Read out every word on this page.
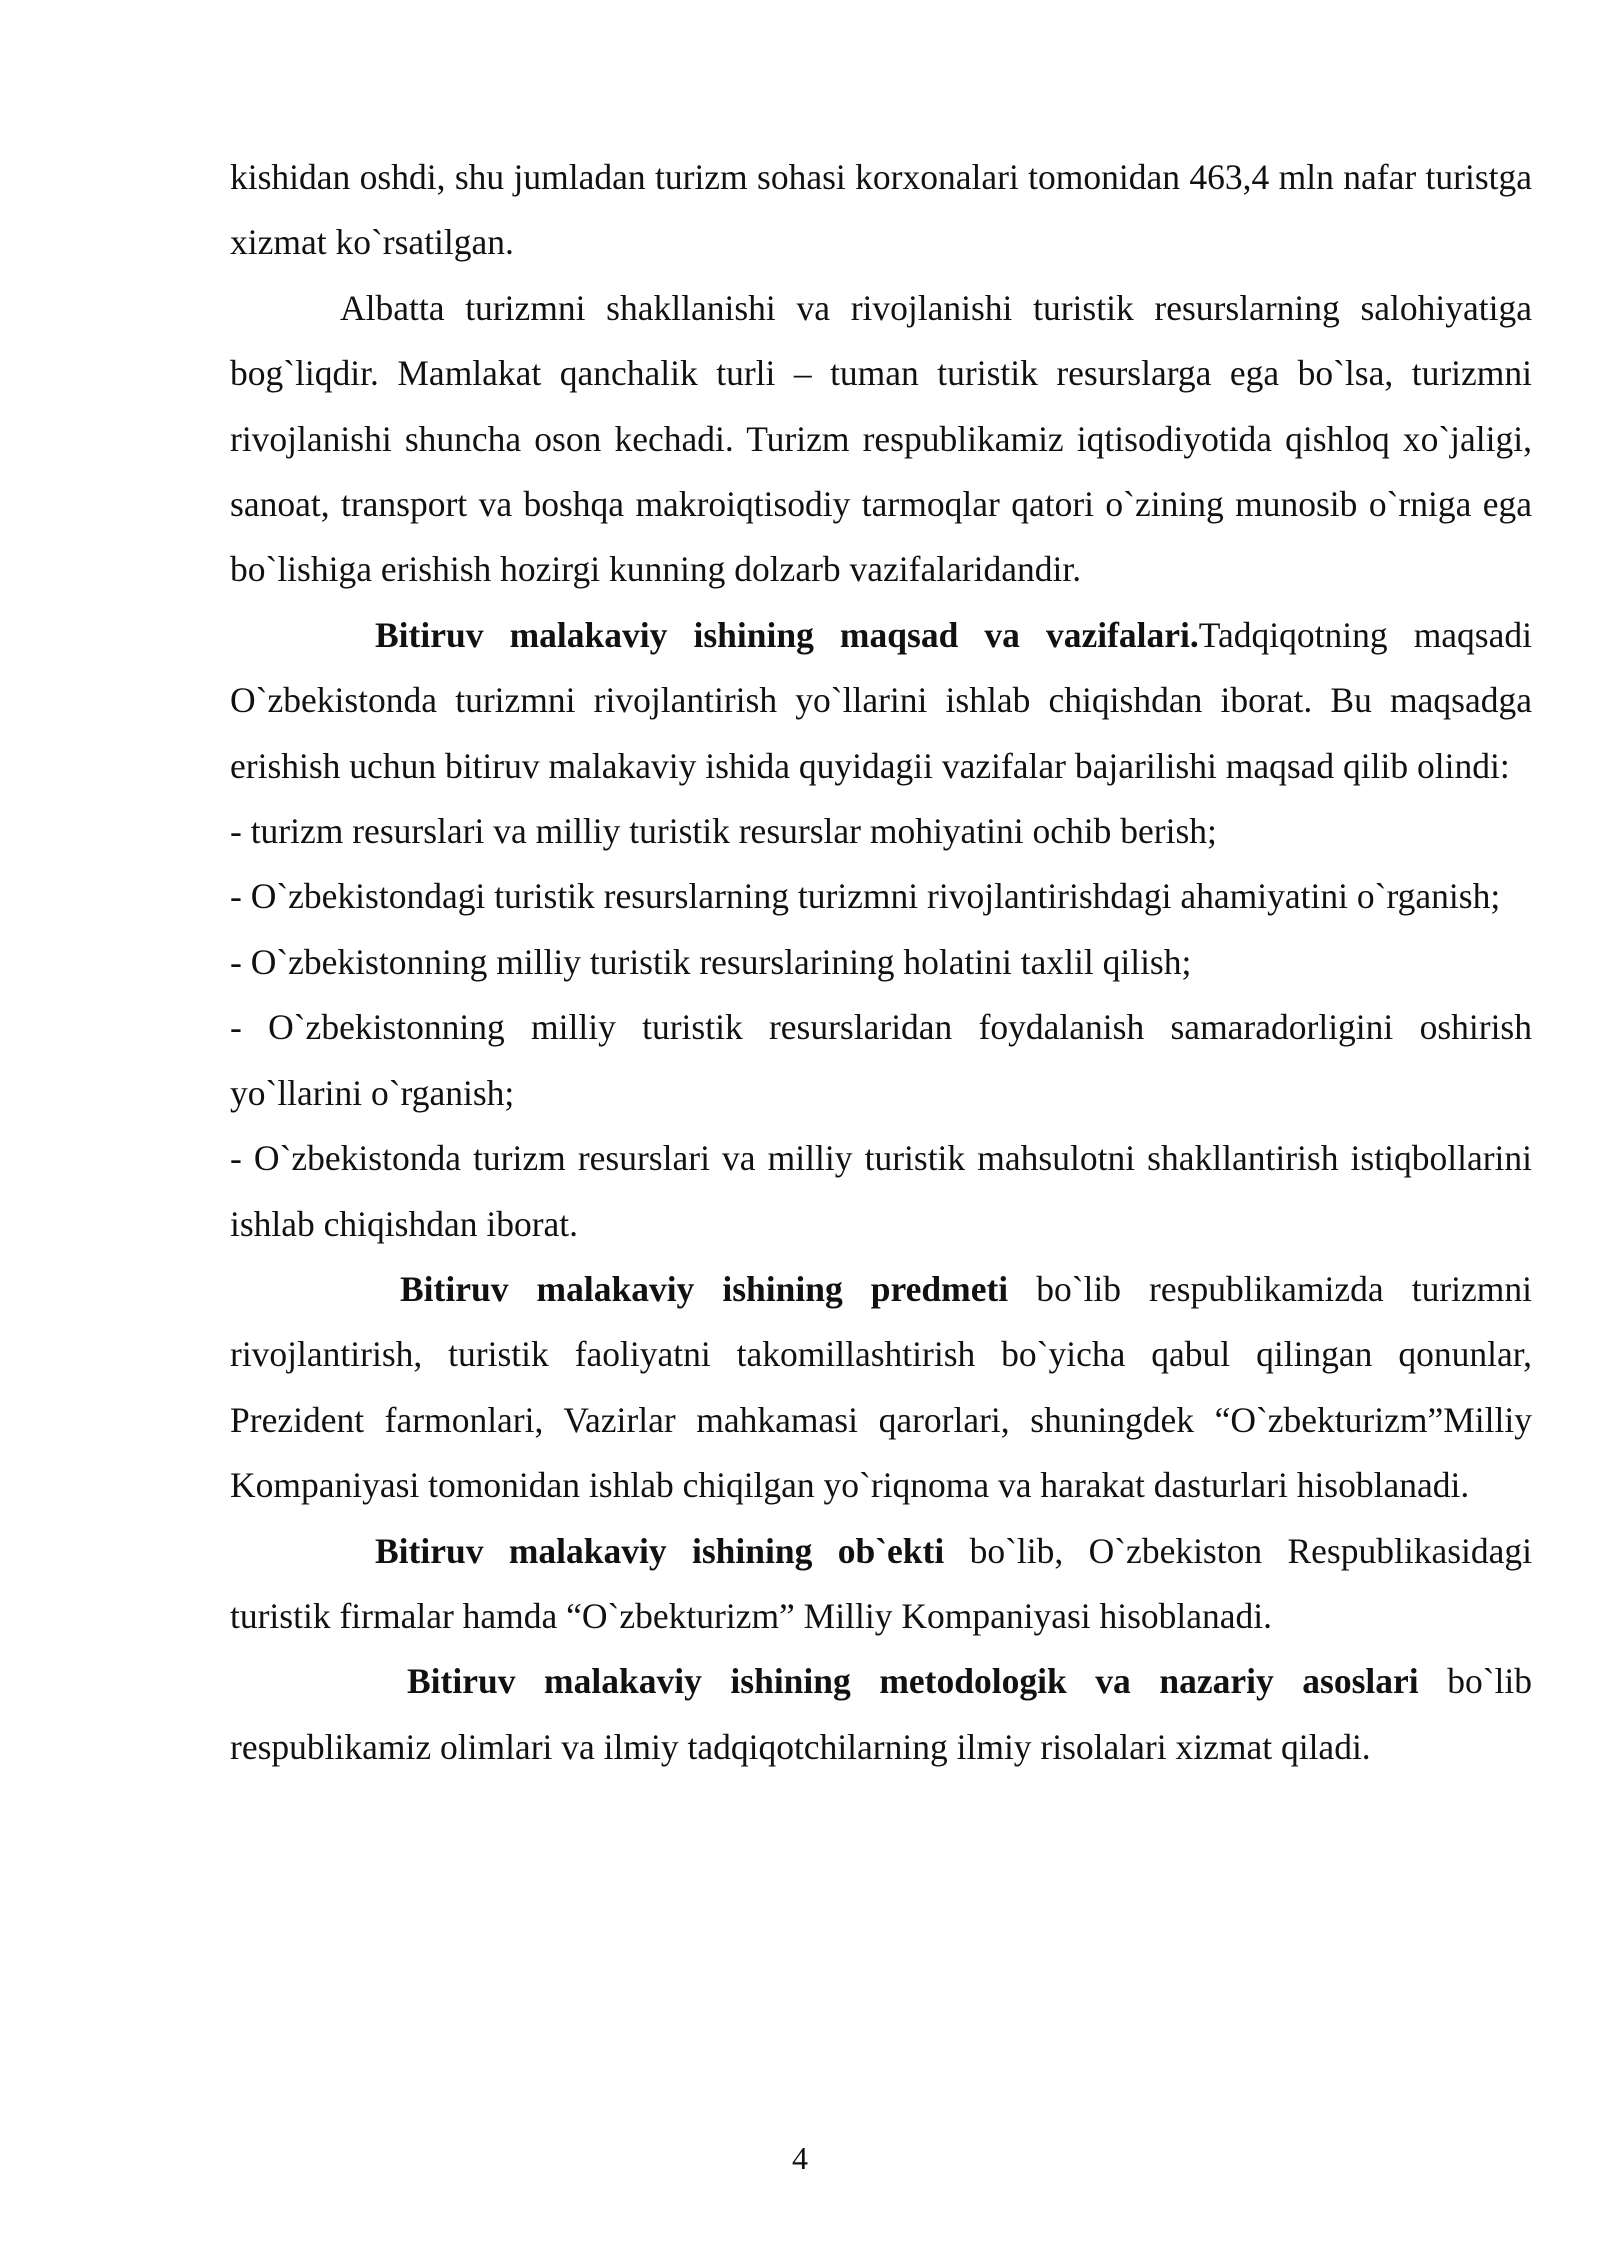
kishidan oshdi, shu jumladan turizm sohasi korxonalari tomonidan 463,4 mln nafar turistga xizmat ko`rsatilgan.

Albatta turizmni shakllanishi va rivojlanishi turistik resurslarning salohiyatiga bog`liqdir. Mamlakat qanchalik turli – tuman turistik resurslarga ega bo`lsa, turizmni rivojlanishi shuncha oson kechadi. Turizm respublikamiz iqtisodiyotida qishloq xo`jaligi, sanoat, transport va boshqa makroiqtisodiy tarmoqlar qatori o`zining munosib o`rniga ega bo`lishiga erishish hozirgi kunning dolzarb vazifalaridandir.

Bitiruv malakaviy ishining maqsad va vazifalari.Tadqiqotning maqsadi O`zbekistonda turizmni rivojlantirish yo`llarini ishlab chiqishdan iborat. Bu maqsadga erishish uchun bitiruv malakaviy ishida quyidagii vazifalar bajarilishi maqsad qilib olindi:

- turizm resurslari va milliy turistik resurslar mohiyatini ochib berish;

- O`zbekistondagi turistik resurslarning turizmni rivojlantirishdagi ahamiyatini o`rganish;

- O`zbekistonning milliy turistik resurslarining holatini taxlil qilish;

- O`zbekistonning milliy turistik resurslaridan foydalanish samaradorligini oshirish yo`llarini o`rganish;

- O`zbekistonda turizm resurslari va milliy turistik mahsulotni shakllantirish istiqbollarini ishlab chiqishdan iborat.

Bitiruv malakaviy ishining predmeti bo`lib respublikamizda turizmni rivojlantirish, turistik faoliyatni takomillashtirish bo`yicha qabul qilingan qonunlar, Prezident farmonlari, Vazirlar mahkamasi qarorlari, shuningdek “O`zbekturizm”Milliy Kompaniyasi tomonidan ishlab chiqilgan yo`riqnoma va harakat dasturlari hisoblanadi.

Bitiruv malakaviy ishining ob`ekti bo`lib, O`zbekiston Respublikasidagi turistik firmalar hamda “O`zbekturizm” Milliy Kompaniyasi hisoblanadi.

Bitiruv malakaviy ishining metodologik va nazariy asoslari bo`lib respublikamiz olimlari va ilmiy tadqiqotchilarning ilmiy risolalari xizmat qiladi.

4
